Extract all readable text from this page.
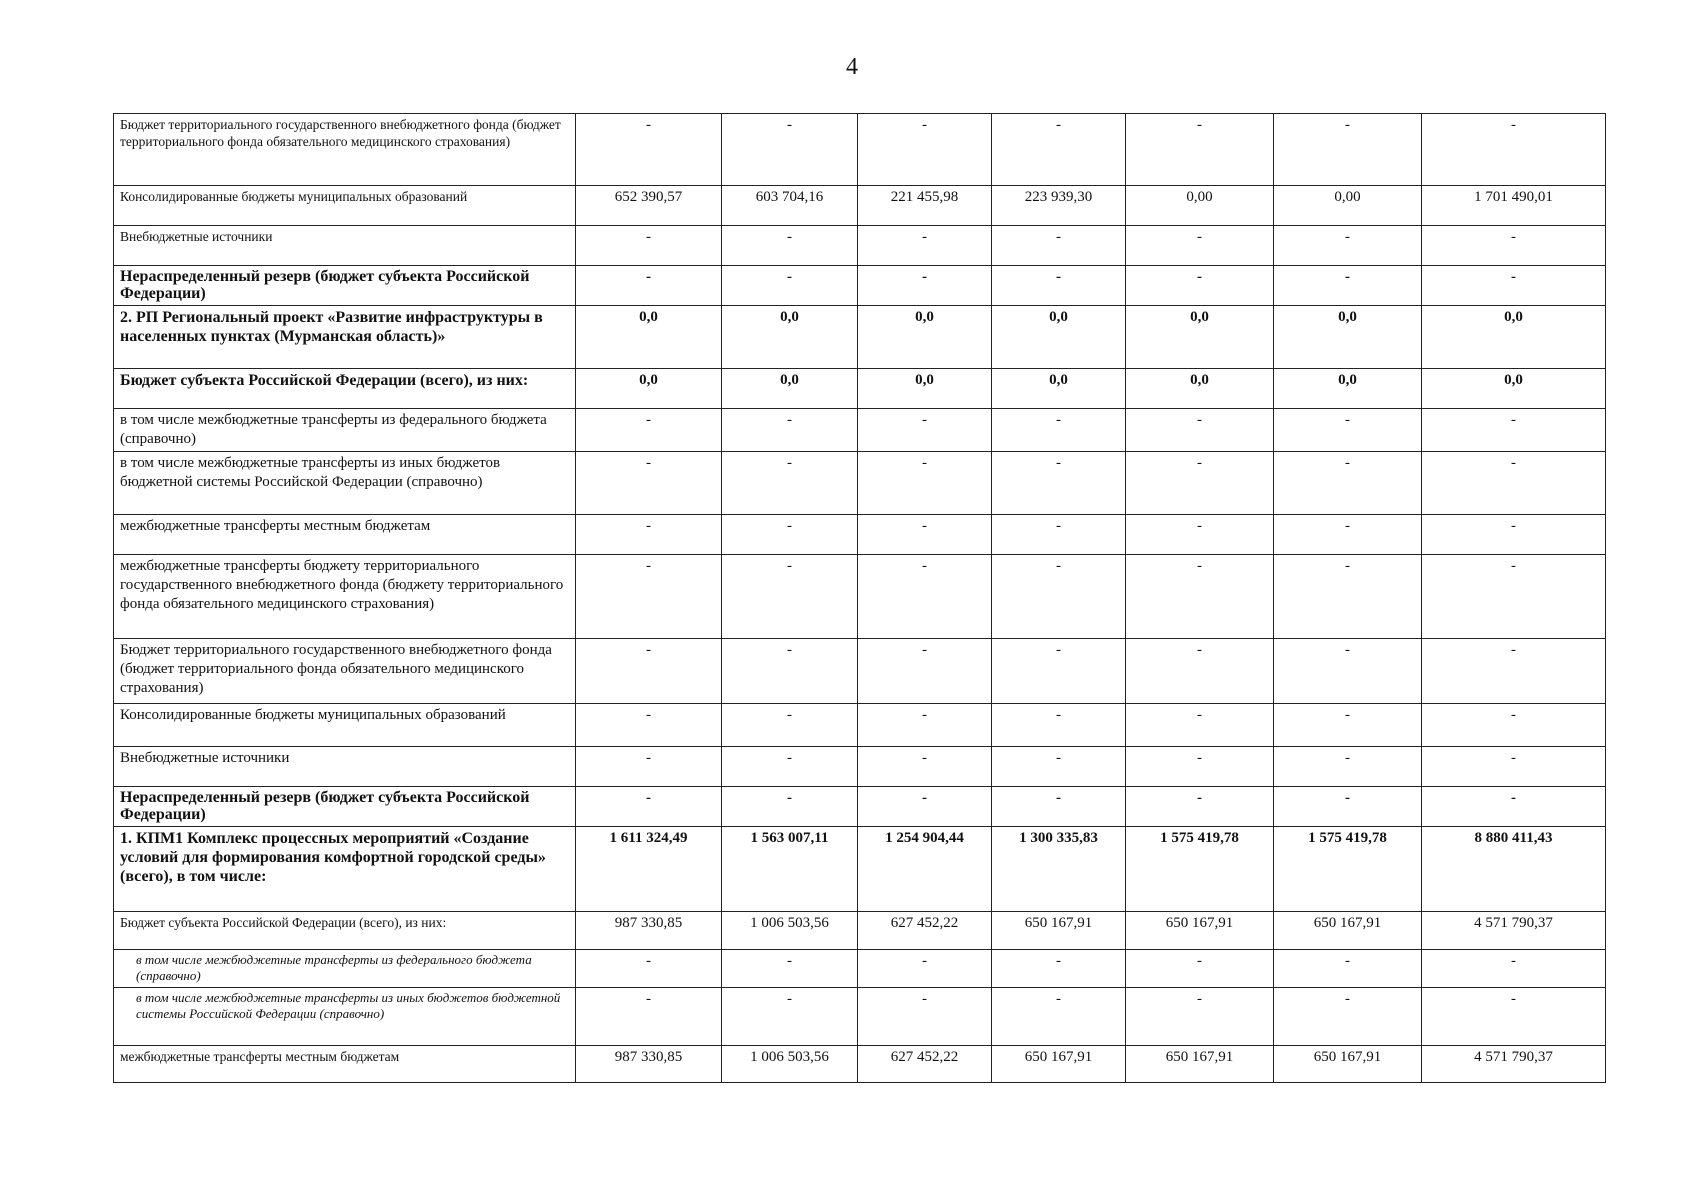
4
Бюджет территориального государственного внебюджетного фонда (бюджет территориального фонда обязательного медицинского страхования)	-	-	-	-	-	-	-
Консолидированные бюджеты муниципальных образований	652 390,57	603 704,16	221 455,98	223 939,30	0,00	0,00	1 701 490,01
Внебюджетные источники	-	-	-	-	-	-	-
Нераспределенный резерв (бюджет субъекта Российской Федерации)	-	-	-	-	-	-	-
2. РП Региональный проект «Развитие инфраструктуры в населенных пунктах (Мурманская область)»	0,0	0,0	0,0	0,0	0,0	0,0	0,0
Бюджет субъекта Российской Федерации (всего), из них:	0,0	0,0	0,0	0,0	0,0	0,0	0,0
в том числе межбюджетные трансферты из федерального бюджета (справочно)	-	-	-	-	-	-	-
в том числе межбюджетные трансферты из иных бюджетов бюджетной системы Российской Федерации (справочно)	-	-	-	-	-	-	-
межбюджетные трансферты местным бюджетам	-	-	-	-	-	-	-
межбюджетные трансферты бюджету территориального государственного внебюджетного фонда (бюджету территориального фонда обязательного медицинского страхования)	-	-	-	-	-	-	-
Бюджет территориального государственного внебюджетного фонда (бюджет территориального фонда обязательного медицинского страхования)	-	-	-	-	-	-	-
Консолидированные бюджеты муниципальных образований	-	-	-	-	-	-	-
Внебюджетные источники	-	-	-	-	-	-	-
Нераспределенный резерв (бюджет субъекта Российской Федерации)	-	-	-	-	-	-	-
1. КПМ1 Комплекс процессных мероприятий «Создание условий для формирования комфортной городской среды» (всего), в том числе:	1 611 324,49	1 563 007,11	1 254 904,44	1 300 335,83	1 575 419,78	1 575 419,78	8 880 411,43
Бюджет субъекта Российской Федерации (всего), из них:	987 330,85	1 006 503,56	627 452,22	650 167,91	650 167,91	650 167,91	4 571 790,37
в том числе межбюджетные трансферты из федерального бюджета (справочно)	-	-	-	-	-	-	-
в том числе межбюджетные трансферты из иных бюджетов бюджетной системы Российской Федерации (справочно)	-	-	-	-	-	-	-
межбюджетные трансферты местным бюджетам	987 330,85	1 006 503,56	627 452,22	650 167,91	650 167,91	650 167,91	4 571 790,37
